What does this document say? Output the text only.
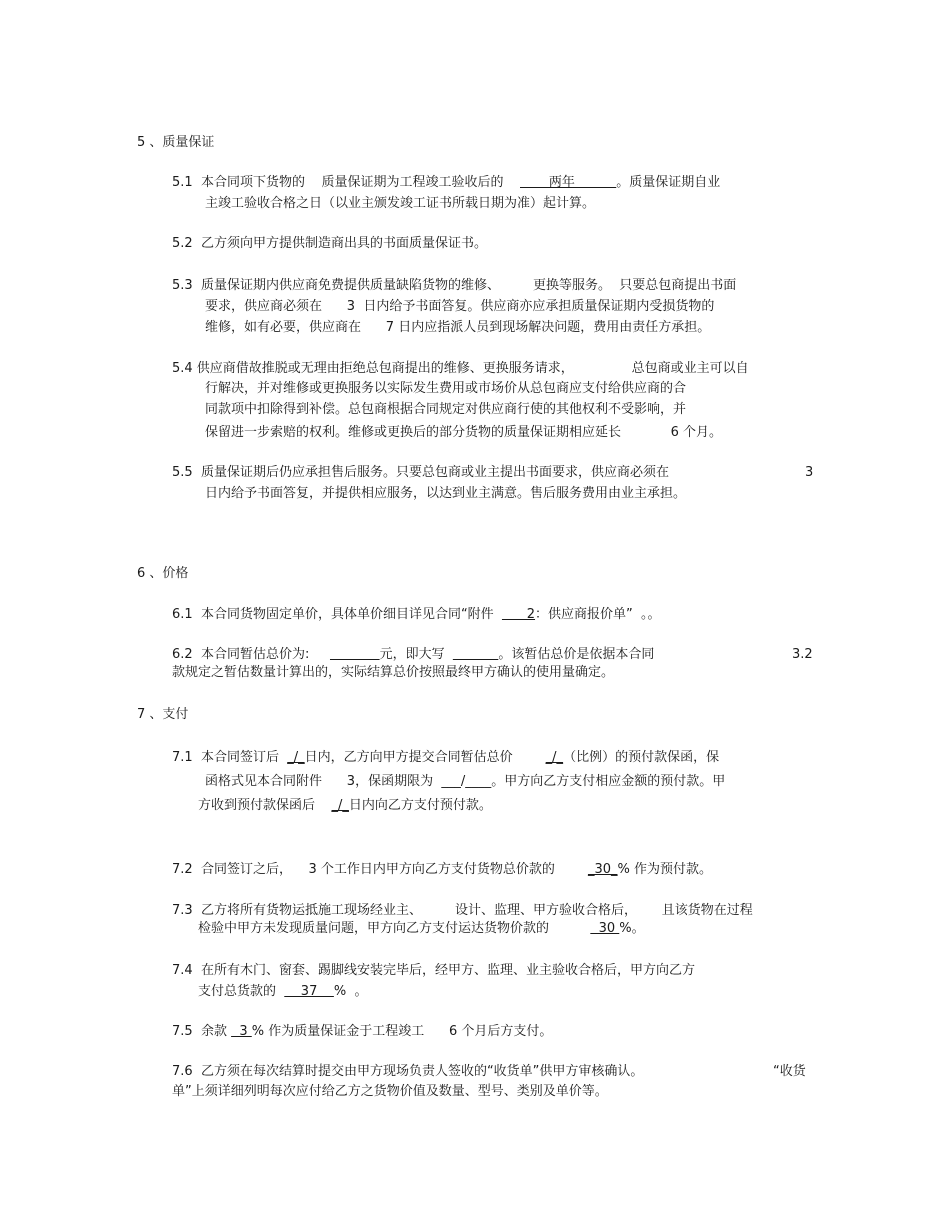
5 、质量保证
5.1  本合同项下货物的    质量保证期为工程竣工验收后的           两年          。质量保证期自业
主竣工验收合格之日（以业主颁发竣工证书所载日期为准）起计算。
5.2  乙方须向甲方提供制造商出具的书面质量保证书。
5.3  质量保证期内供应商免费提供质量缺陷货物的维修、        更换等服务。  只要总包商提出书面
要求，供应商必须在      3  日内给予书面答复。供应商亦应承担质量保证期内受损货物的
维修，如有必要，供应商在      7 日内应指派人员到现场解决问题，费用由责任方承担。
5.4 供应商借故推脱或无理由拒绝总包商提出的维修、更换服务请求，              总包商或业主可以自
行解决，并对维修或更换服务以实际发生费用或市场价从总包商应支付给供应商的合
同款项中扣除得到补偿。总包商根据合同规定对供应商行使的其他权利不受影响，并
保留进一步索赔的权利。维修或更换后的部分货物的质量保证期相应延长            6 个月。
5.5  质量保证期后仍应承担售后服务。只要总包商或业主提出书面要求，供应商必须在	3
日内给予书面答复，并提供相应服务，以达到业主满意。售后服务费用由业主承担。
6 、价格
6.1  本合同货物固定单价，具体单价细目详见合同“附件        2：供应商报价单”  。。
6.2  本合同暂估总价为:	元，即大写	。该暂估总价是依据本合同	3.2
款规定之暂估数量计算出的，实际结算总价按照最终甲方确认的使用量确定。
7 、支付
7.1  本合同签订后  _/_日内，乙方向甲方提交合同暂估总价        _/_（比例）的预付款保函，保
函格式见本合同附件      3，保函期限为  ___/____。甲方向乙方支付相应金额的预付款。甲
方收到预付款保函后    _/_日内向乙方支付预付款。
7.2  合同签订之后，    3 个工作日内甲方向乙方支付货物总价款的        _30_% 作为预付款。
7.3  乙方将所有货物运抵施工现场经业主、        设计、监理、甲方验收合格后，      且该货物在过程
检验中甲方未发现质量问题，甲方向乙方支付运达货物价款的            30 %。
7.4  在所有木门、窗套、踢脚线安装完毕后，经甲方、监理、业主验收合格后，甲方向乙方
支付总货款的      37    %  。
7.5  余款   3 % 作为质量保证金于工程竣工      6 个月后方支付。
7.6  乙方须在每次结算时提交由甲方现场负责人签收的“收货单”供甲方审核确认。	“收货
单”上须详细列明每次应付给乙方之货物价值及数量、型号、类别及单价等。
